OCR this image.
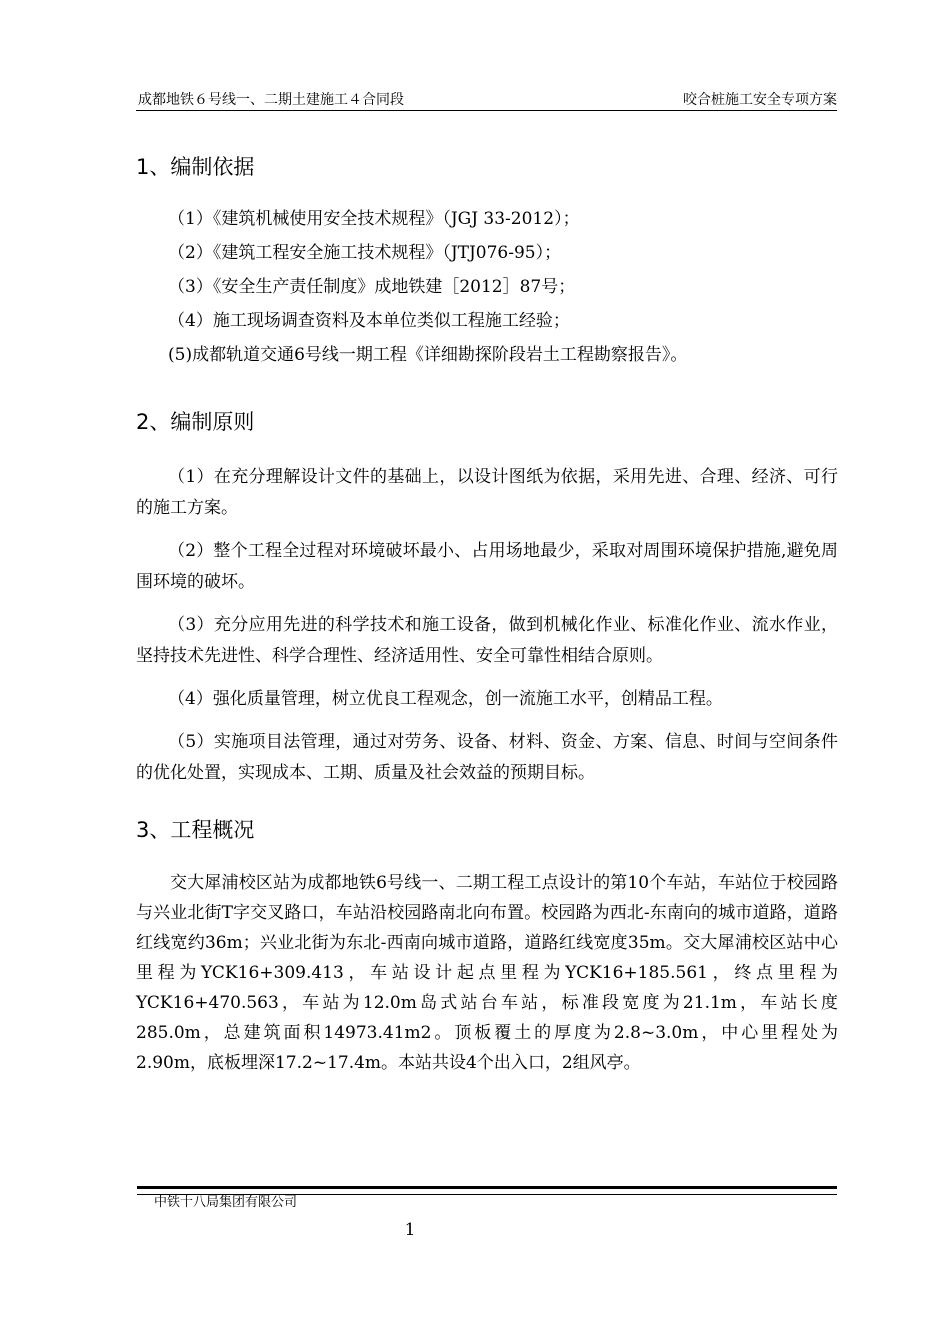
成都地铁６号线一、二期土建施工４合同段	咬合桩施工安全专项方案
1、编制依据

（1）《建筑机械使用安全技术规程》（JGJ 33-2012）；

（2）《建筑工程安全施工技术规程》（JTJ076-95）；

（3）《安全生产责任制度》成地铁建［2012］87号；

（4）施工现场调查资料及本单位类似工程施工经验；

(5)成都轨道交通6号线一期工程《详细勘探阶段岩土工程勘察报告》。

2、编制原则

（1）在充分理解设计文件的基础上，以设计图纸为依据，采用先进、合理、经济、可行的施工方案。

（2）整个工程全过程对环境破坏最小、占用场地最少，采取对周围环境保护措施,避免周围环境的破坏。

（3）充分应用先进的科学技术和施工设备，做到机械化作业、标准化作业、流水作业，坚持技术先进性、科学合理性、经济适用性、安全可靠性相结合原则。

（4）强化质量管理，树立优良工程观念，创一流施工水平，创精品工程。

（5）实施项目法管理，通过对劳务、设备、材料、资金、方案、信息、时间与空间条件的优化处置，实现成本、工期、质量及社会效益的预期目标。

3、工程概况

交大犀浦校区站为成都地铁6号线一、二期工程工点设计的第10个车站，车站位于校园路与兴业北街T字交叉路口，车站沿校园路南北向布置。校园路为西北-东南向的城市道路，道路红线宽约36m；兴业北街为东北-西南向城市道路，道路红线宽度35m。交大犀浦校区站中心里程为YCK16+309.413，车站设计起点里程为YCK16+185.561，终点里程为YCK16+470.563，车站为12.0m岛式站台车站，标准段宽度为21.1m，车站长度285.0m，总建筑面积14973.41m2。顶板覆土的厚度为2.8~3.0m，中心里程处为2.90m，底板埋深17.2~17.4m。本站共设4个出入口，2组风亭。

中铁十八局集团有限公司
1
